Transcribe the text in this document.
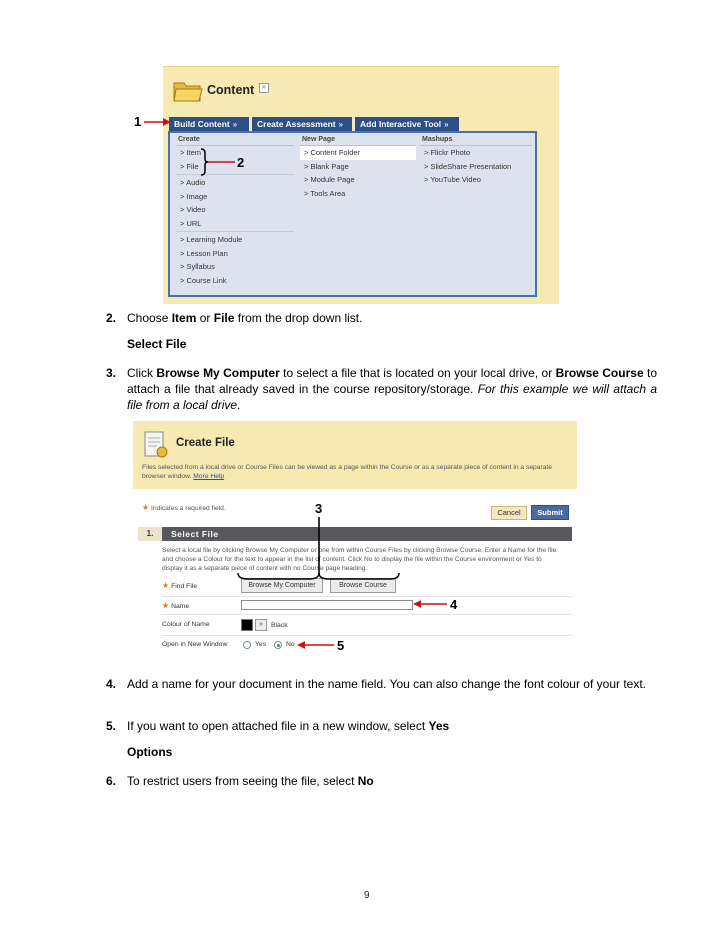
Content	»
Build Content »	Create Assessment »	Add Interactive Tool »
Create
> Item
> File
> Audio
> Image
> Video
> URL
> Learning Module
> Lesson Plan
> Syllabus
> Course Link
New Page
> Content Folder
> Blank Page
> Module Page
> Tools Area
Mashups
> Flickr Photo
> SlideShare Presentation
> YouTube Video
2. Choose Item or File from the drop down list.
Select File
3. Click Browse My Computer to select a file that is located on your local drive, or Browse Course to attach a file that already saved in the course repository/storage. For this example we will attach a file from a local drive.
Create File
Files selected from a local drive or Course Files can be viewed as a page within the Course or as a separate piece of content in a separate browser window. More Help
★ Indicates a required field.	Cancel	Submit
1.	Select File
Select a local file by clicking Browse My Computer or one from within Course Files by clicking Browse Course. Enter a Name for the file and choose a Colour for the text to appear in the list of content. Click No to display the file within the Course environment or Yes to display it as a separate piece of content with no Course page heading.
★ Find File	Browse My Computer	Browse Course
★ Name
Colour of Name	»	Black
Open in New Window	Yes	No
4. Add a name for your document in the name field. You can also change the font colour of your text.
5. If you want to open attached file in a new window, select Yes
Options
6. To restrict users from seeing the file, select No
9
1
2
3
4
5
